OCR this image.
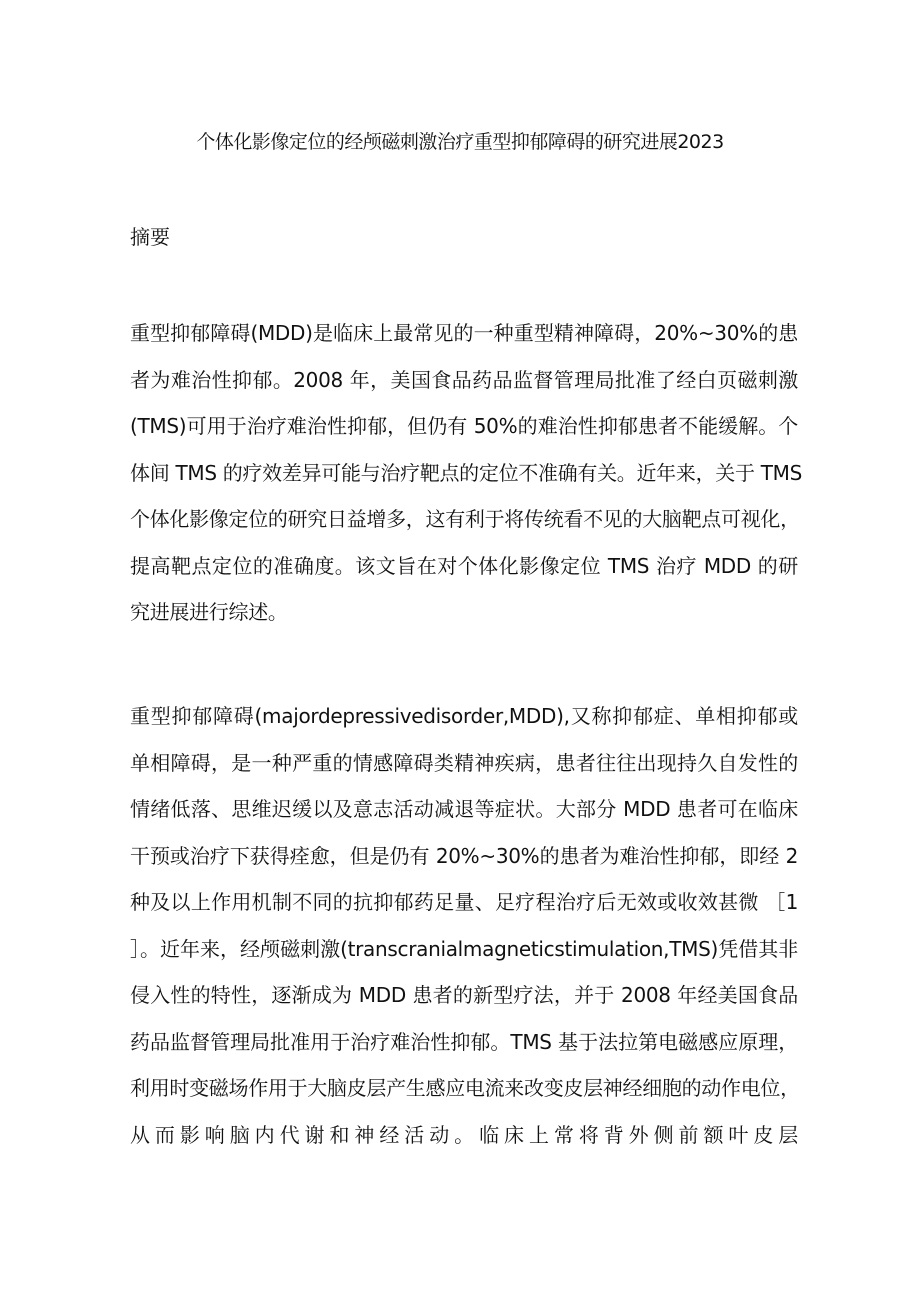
个体化影像定位的经颅磁刺激治疗重型抑郁障碍的研究进展2023
摘要
重型抑郁障碍(MDD)是临床上最常见的一种重型精神障碍，20%~30%的患
者为难治性抑郁。2008 年，美国食品药品监督管理局批准了经白页磁刺激
(TMS)可用于治疗难治性抑郁，但仍有 50%的难治性抑郁患者不能缓解。个
体间 TMS 的疗效差异可能与治疗靶点的定位不准确有关。近年来，关于 TMS
个体化影像定位的研究日益增多，这有利于将传统看不见的大脑靶点可视化，
提高靶点定位的准确度。该文旨在对个体化影像定位 TMS 治疗 MDD 的研
究进展进行综述。
重型抑郁障碍(majordepressivedisorder,MDD),又称抑郁症、单相抑郁或
单相障碍，是一种严重的情感障碍类精神疾病，患者往往出现持久自发性的
情绪低落、思维迟缓以及意志活动减退等症状。大部分 MDD 患者可在临床
干预或治疗下获得痊愈，但是仍有 20%~30%的患者为难治性抑郁，即经 2
种及以上作用机制不同的抗抑郁药足量、足疗程治疗后无效或收效甚微 ［1
］。近年来，经颅磁刺激(transcranialmagneticstimulation,TMS)凭借其非
侵入性的特性，逐渐成为 MDD 患者的新型疗法，并于 2008 年经美国食品
药品监督管理局批准用于治疗难治性抑郁。TMS 基于法拉第电磁感应原理，
利用时变磁场作用于大脑皮层产生感应电流来改变皮层神经细胞的动作电位，
从而影响脑内代谢和神经活动。临床上常将背外侧前额叶皮层
